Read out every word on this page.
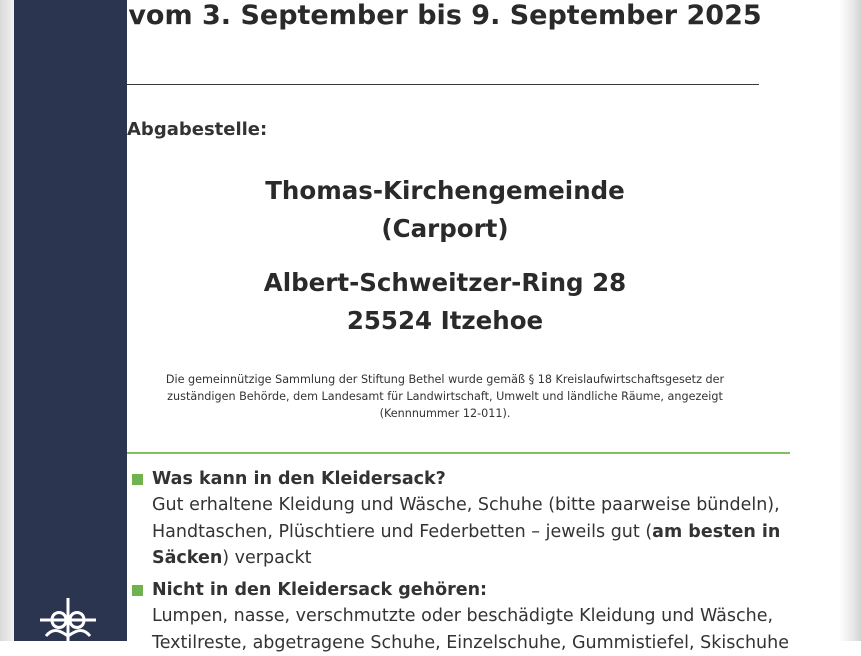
vom 3. September bis 9. September 2025
Abgabestelle:
Thomas-Kirchengemeinde
(Carport)
Albert-Schweitzer-Ring 28
25524 Itzehoe
Die gemeinnützige Sammlung der Stiftung Bethel wurde gemäß § 18 Kreislaufwirtschaftsgesetz der
zuständigen Behörde, dem Landesamt für Landwirtschaft, Umwelt und ländliche Räume, angezeigt
(Kennnummer 12-011).
Was kann in den Kleidersack?
Gut erhaltene Kleidung und Wäsche, Schuhe (bitte paarweise bündeln), Handtaschen, Plüschtiere und Federbetten – jeweils gut (am besten in Säcken) verpackt
Nicht in den Kleidersack gehören:
Lumpen, nasse, verschmutzte oder beschädigte Kleidung und Wäsche, Textilreste, abgetragene Schuhe, Einzelschuhe, Gummistiefel, Skischuhe
